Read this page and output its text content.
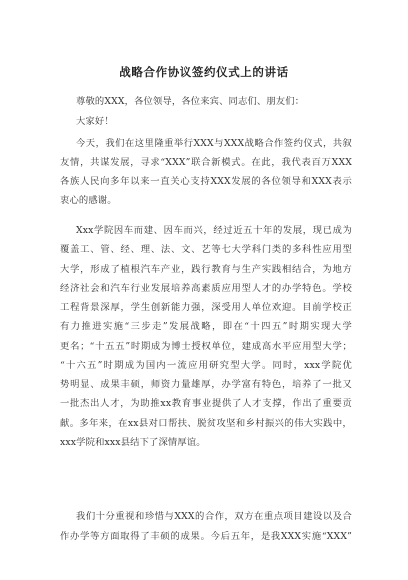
战略合作协议签约仪式上的讲话
尊敬的XXX，各位领导，各位来宾、同志们、朋友们：
大家好！
今天，我们在这里隆重举行XXX与XXX战略合作签约仪式，共叙
友情，共谋发展，寻求“XXX”联合新模式。在此，我代表百万XXX
各族人民向多年以来一直关心支持XXX发展的各位领导和XXX表示
衷心的感谢。
Xxx学院因车而建、因车而兴，经过近五十年的发展，现已成为
覆盖工、管、经、理、法、文、艺等七大学科门类的多科性应用型
大学，形成了植根汽车产业，践行教育与生产实践相结合，为地方
经济社会和汽车行业发展培养高素质应用型人才的办学特色。学校
工程背景深厚，学生创新能力强，深受用人单位欢迎。目前学校正
有力推进实施“三步走”发展战略，即在“十四五”时期实现大学
更名；“十五五”时期成为博士授权单位，建成高水平应用型大学；
“十六五”时期成为国内一流应用研究型大学。同时，xxx学院优
势明显、成果丰硕，师资力量雄厚，办学富有特色，培养了一批又
一批杰出人才，为助推xx教育事业提供了人才支撑，作出了重要贡
献。多年来，在xx县对口帮扶、脱贫攻坚和乡村振兴的伟大实践中，
xxx学院和xxx县结下了深情厚谊。
我们十分重视和珍惜与XXX的合作，双方在重点项目建设以及合
作办学等方面取得了丰硕的成果。今后五年，是我XXX实施“XXX”
